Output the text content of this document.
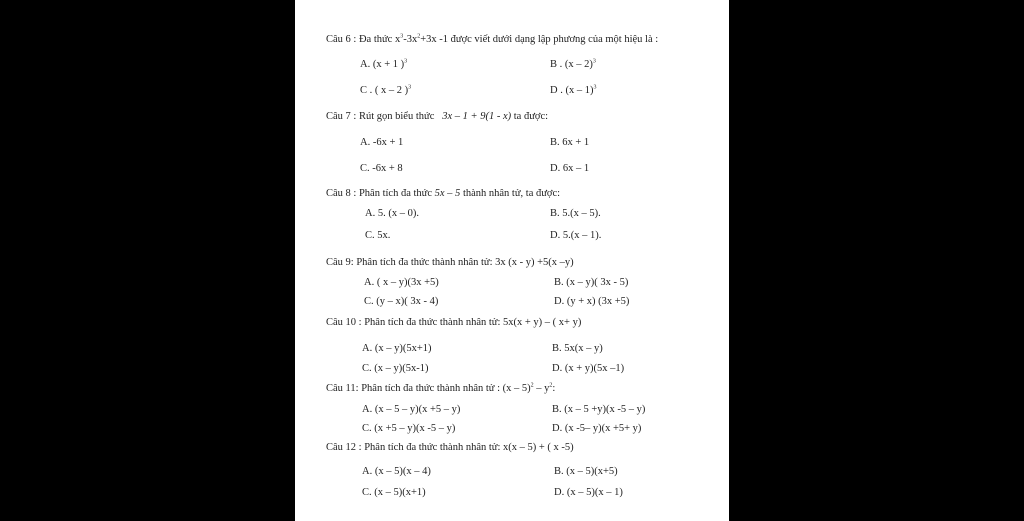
Câu 6 : Đa thức $x^3-3x^2+3x$ -1 được viết dưới dạng lập phương của một hiệu là :
A. (x + 1 )$^3$	B . (x – 2)$^3$
C . ( x – 2 )$^3$	D . (x – 1)$^3$
Câu 7 : Rút gọn biểu thức 3x – 1 + 9(1 - x) ta được:
A. -6x + 1	B. 6x + 1
C. -6x + 8	D. 6x – 1
Câu 8 : Phân tích đa thức 5x – 5 thành nhân tử, ta được:
A. 5. (x – 0).	B. 5.(x – 5).
C. 5x.	D. 5.(x – 1).
Câu 9: Phân tích đa thức thành nhân tử: 3x (x - y) +5(x –y)
A. ( x – y)(3x +5)	B. (x – y)( 3x - 5)
C. (y – x)( 3x - 4)	D. (y + x) (3x +5)
Câu 10 : Phân tích đa thức thành nhân tử: 5x(x + y) – ( x+ y)
A. (x – y)(5x+1)	B. 5x(x – y)
C. (x – y)(5x-1)	D. (x + y)(5x –1)
Câu 11: Phân tích đa thức thành nhân tử : $(x - 5)^2 - y^2$:
A. (x – 5 – y)(x +5 – y)	B. (x – 5 +y)(x -5 – y)
C. (x +5 – y)(x -5 – y)	D. (x -5– y)(x +5+ y)
Câu 12 : Phân tích đa thức thành nhân tử: x(x – 5) + ( x -5)
A. (x – 5)(x – 4)	B. (x – 5)(x+5)
C. (x – 5)(x+1)	D. (x – 5)(x – 1)
